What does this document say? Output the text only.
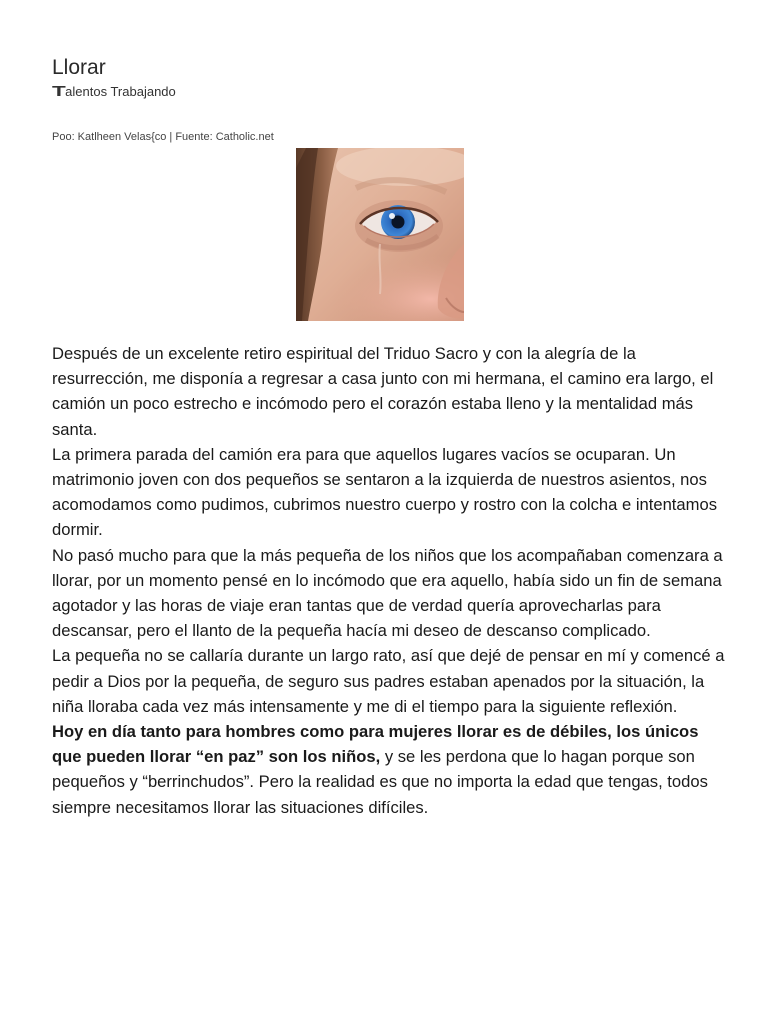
Llorar
Talentos Trabajando
Poo: Katlheen Velas{co | Fuente: Catholic.net

Después de un excelente retiro espiritual del Triduo Sacro y con la alegría de la resurrección, me disponía a regresar a casa junto con mi hermana, el camino era largo, el camión un poco estrecho e incómodo pero el corazón estaba lleno y la mentalidad más santa.

La primera parada del camión era para que aquellos lugares vacíos se ocuparan. Un matrimonio joven con dos pequeños se sentaron a la izquierda de nuestros asientos, nos acomodamos como pudimos, cubrimos nuestro cuerpo y rostro con la colcha e intentamos dormir.

No pasó mucho para que la más pequeña de los niños que los acompañaban comenzara a llorar, por un momento pensé en lo incómodo que era aquello, había sido un fin de semana agotador y las horas de viaje eran tantas que de verdad quería aprovecharlas para descansar, pero el llanto de la pequeña hacía mi deseo de descanso complicado.

La pequeña no se callaría durante un largo rato, así que dejé de pensar en mí y comencé a pedir a Dios por la pequeña, de seguro sus padres estaban apenados por la situación, la niña lloraba cada vez más intensamente y me di el tiempo para la siguiente reflexión.

Hoy en día tanto para hombres como para mujeres llorar es de débiles, los únicos que pueden llorar “en paz” son los niños, y se les perdona que lo hagan porque son pequeños y “berrinchudos”. Pero la realidad es que no importa la edad que tengas, todos siempre necesitamos llorar las situaciones difíciles.
